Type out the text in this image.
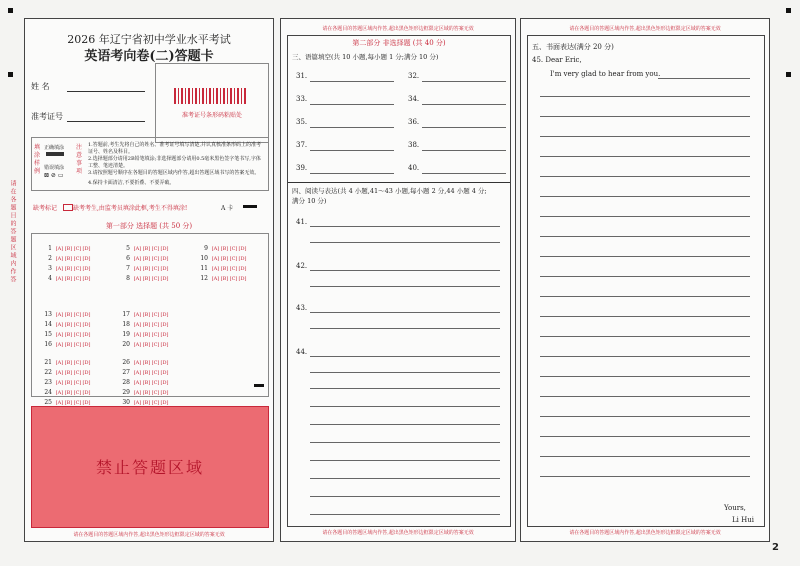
2026 年辽宁省初中学业水平考试
英语考向卷(二)答题卡
姓 名
准考证号	准考证号条形码粘贴处
填涂样例
正确填涂
错误填涂
⊠ ⊘ ▭
注意事项
1.答题前,考生先将自己的姓名、准考证号填写清楚,并认真核准条形码上的准考证号、姓名及科目。
2.选择题部分请用2B铅笔填涂;非选择题部分请用0.5毫米黑色签字笔书写,字体工整、笔迹清楚。
3.请按照题号顺序在各题目的答题区域内作答,超出答题区域书写的答案无效。
4.保持卡面清洁,不要折叠、不要弄破。
缺考标记	缺考考生,由监考员填涂此框,考生不得填涂!	A 卡
第一部分 选择题 (共 50 分)
1 [A][B][C][D]
2 [A][B][C][D]
3 [A][B][C][D]
4 [A][B][C][D]
5 [A][B][C][D]
6 [A][B][C][D]
7 [A][B][C][D]
8 [A][B][C][D]
9 [A][B][C][D]
10 [A][B][C][D]
11 [A][B][C][D]
12 [A][B][C][D]
13 [A][B][C][D]
14 [A][B][C][D]
15 [A][B][C][D]
16 [A][B][C][D]
17 [A][B][C][D]
18 [A][B][C][D]
19 [A][B][C][D]
20 [A][B][C][D]
21 [A][B][C][D]
22 [A][B][C][D]
23 [A][B][C][D]
24 [A][B][C][D]
25 [A][B][C][D]
26 [A][B][C][D]
27 [A][B][C][D]
28 [A][B][C][D]
29 [A][B][C][D]
30 [A][B][C][D]
禁止答题区域
请在各题目的答题区域内作答,超出黑色矩形边框限定区域的答案无效
请在各题目的答题区域内作答
请在各题目的答题区域内作答,超出黑色矩形边框限定区域的答案无效
第二部分 非选择题 (共 40 分)
三、语篇填空(共 10 小题,每小题 1 分;满分 10 分)
四、阅读与表达(共 4 小题,41～43 小题,每小题 2 分,44 小题 4 分;
满分 10 分)
31.	32.
33.	34.
35.	36.
37.	38.
39.	40.
41.
42.
43.
44.
请在各题目的答题区域内作答,超出黑色矩形边框限定区域的答案无效
请在各题目的答题区域内作答,超出黑色矩形边框限定区域的答案无效
五、书面表达(满分 20 分)
45. Dear Eric,
I'm very glad to hear from you.
Yours,
Li Hui
请在各题目的答题区域内作答,超出黑色矩形边框限定区域的答案无效
2
